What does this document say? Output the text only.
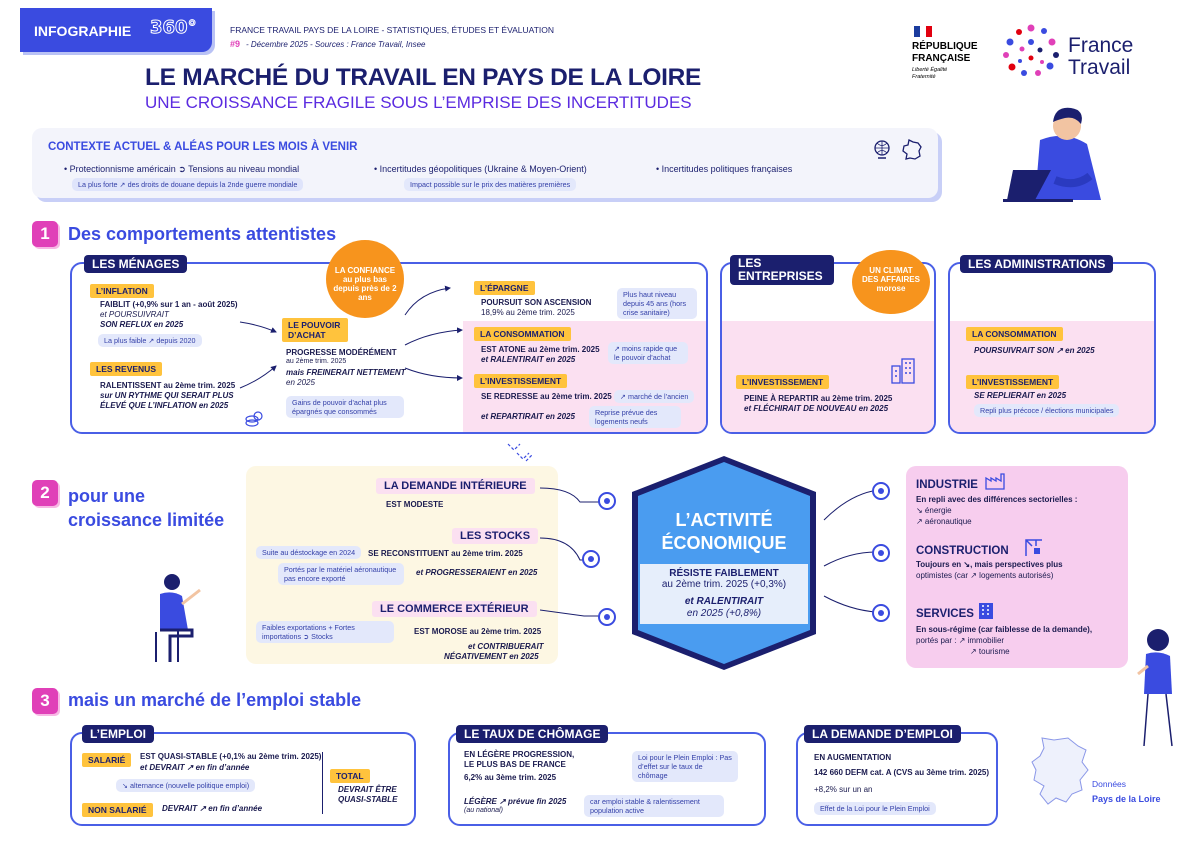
INFOGRAPHIE 360°	FRANCE TRAVAIL PAYS DE LA LOIRE - STATISTIQUES, ÉTUDES ET ÉVALUATION
#9 - Décembre 2025 - Sources : France Travail, Insee
LE MARCHÉ DU TRAVAIL EN PAYS DE LA LOIRE
UNE CROISSANCE FRAGILE SOUS L’EMPRISE DES INCERTITUDES
RÉPUBLIQUE
FRANÇAISE
Liberté Égalité Fraternité
France
Travail
CONTEXTE ACTUEL & ALÉAS POUR LES MOIS À VENIR
• Protectionnisme américain ➲ Tensions au niveau mondial
La plus forte ↗ des droits de douane depuis la 2nde guerre mondiale
• Incertitudes géopolitiques (Ukraine & Moyen-Orient)
Impact possible sur le prix des matières premières
• Incertitudes politiques françaises
1	Des comportements attentistes
LES MÉNAGES	LA CONFIANCE au plus bas depuis près de 2 ans
L’INFLATION
FAIBLIT (+0,9% sur 1 an - août 2025)
et POURSUIVRAIT
SON REFLUX en 2025
La plus faible ↗ depuis 2020
LES REVENUS
RALENTISSENT au 2ème trim. 2025
sur UN RYTHME QUI SERAIT PLUS
ÉLEVÉ QUE L’INFLATION en 2025
LE POUVOIR D’ACHAT
PROGRESSE MODÉRÉMENT
au 2ème trim. 2025
mais FREINERAIT NETTEMENT
en 2025
Gains de pouvoir d’achat plus épargnés que consommés
L’ÉPARGNE
POURSUIT SON ASCENSION
18,9% au 2ème trim. 2025
Plus haut niveau depuis 45 ans (hors crise sanitaire)
LA CONSOMMATION
EST ATONE au 2ème trim. 2025
et RALENTIRAIT en 2025
↗ moins rapide que le pouvoir d’achat
L’INVESTISSEMENT
SE REDRESSE au 2ème trim. 2025
et REPARTIRAIT en 2025
↗ marché de l’ancien
Reprise prévue des logements neufs
LES ENTREPRISES	UN CLIMAT DES AFFAIRES morose
L’INVESTISSEMENT
PEINE À REPARTIR au 2ème trim. 2025
et FLÉCHIRAIT DE NOUVEAU en 2025
LES ADMINISTRATIONS
LA CONSOMMATION
POURSUIVRAIT SON ↗ en 2025
L’INVESTISSEMENT
SE REPLIERAIT en 2025
Repli plus précoce / élections municipales
2	pour une
croissance limitée
LA DEMANDE INTÉRIEURE
EST MODESTE
LES STOCKS
SE RECONSTITUENT au 2ème trim. 2025
et PROGRESSERAIENT en 2025
Suite au déstockage en 2024
Portés par le matériel aéronautique pas encore exporté
LE COMMERCE EXTÉRIEUR
EST MOROSE au 2ème trim. 2025
et CONTRIBUERAIT
NÉGATIVEMENT en 2025
Faibles exportations + Fortes importations ➲ Stocks
L’ACTIVITÉ
ÉCONOMIQUE
RÉSISTE FAIBLEMENT
au 2ème trim. 2025 (+0,3%)
et RALENTIRAIT
en 2025 (+0,8%)
INDUSTRIE
En repli avec des différences sectorielles :
↘ énergie
↗ aéronautique
CONSTRUCTION
Toujours en ↘, mais perspectives plus
optimistes (car ↗ logements autorisés)
SERVICES
En sous-régime (car faiblesse de la demande),
portés par : ↗ immobilier
↗ tourisme
3	mais un marché de l’emploi stable
L’EMPLOI
SALARIÉ	EST QUASI-STABLE (+0,1% au 2ème trim. 2025)
et DEVRAIT ↗ en fin d’année
↘ alternance (nouvelle politique emploi)
NON SALARIÉ	DEVRAIT ↗ en fin d’année
TOTAL
DEVRAIT ÊTRE
QUASI-STABLE
LE TAUX DE CHÔMAGE
EN LÉGÈRE PROGRESSION,
LE PLUS BAS DE FRANCE
6,2% au 3ème trim. 2025
LÉGÈRE ↗ prévue fin 2025
(au national)
Loi pour le Plein Emploi : Pas d’effet sur le taux de chômage
car emploi stable & ralentissement population active
LA DEMANDE D’EMPLOI
EN AUGMENTATION
142 660 DEFM cat. A (CVS au 3ème trim. 2025)
+8,2% sur un an
Effet de la Loi pour le Plein Emploi
Données
Pays de la Loire
